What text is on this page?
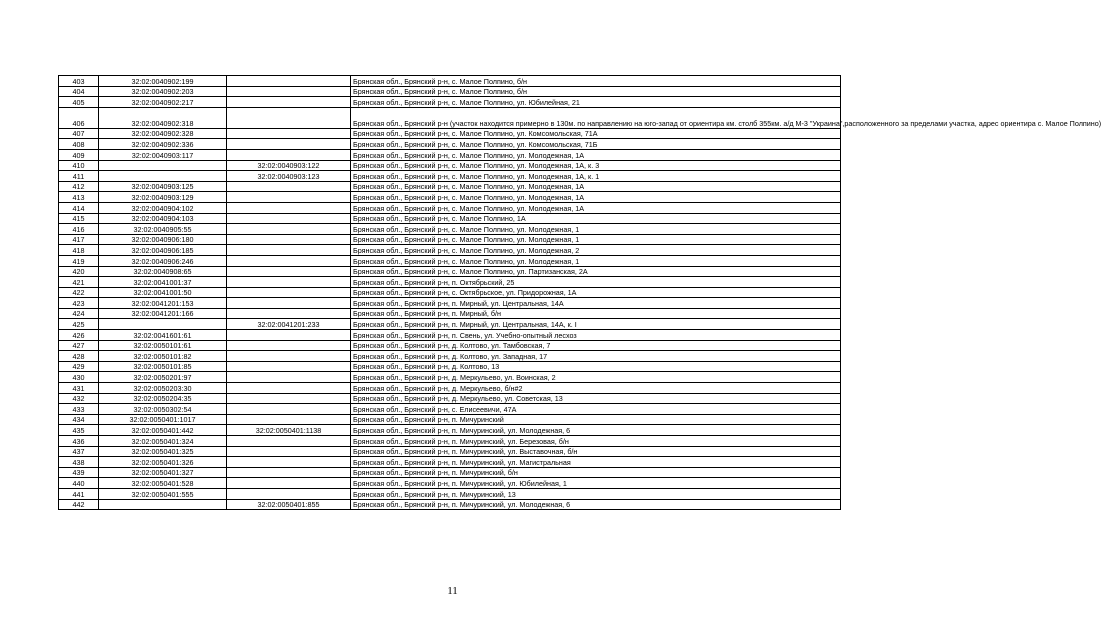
403	32:02:0040902:199		Брянская обл., Брянский р-н, с. Малое Полпино, б/н
404	32:02:0040902:203		Брянская обл., Брянский р-н, с. Малое Полпино, б/н
405	32:02:0040902:217		Брянская обл., Брянский р-н, с. Малое Полпино, ул. Юбилейная, 21
406	32:02:0040902:318		Брянская обл., Брянский р-н (участок находится примерно в 130м. по направлению на юго-запад от ориентира км. столб 355км. а/д М-3 "Украина",расположенного за пределами участка, адрес ориентира с. Малое Полпино)
407	32:02:0040902:328		Брянская обл., Брянский р-н, с. Малое Полпино, ул. Комсомольская, 71А
408	32:02:0040902:336		Брянская обл., Брянский р-н, с. Малое Полпино, ул. Комсомольская, 71Б
409	32:02:0040903:117		Брянская обл., Брянский р-н, с. Малое Полпино, ул. Молодежная, 1А
410		32:02:0040903:122	Брянская обл., Брянский р-н, с. Малое Полпино, ул. Молодежная, 1А, к. 3
411		32:02:0040903:123	Брянская обл., Брянский р-н, с. Малое Полпино, ул. Молодежная, 1А, к. 1
412	32:02:0040903:125		Брянская обл., Брянский р-н, с. Малое Полпино, ул. Молодежная, 1А
413	32:02:0040903:129		Брянская обл., Брянский р-н, с. Малое Полпино, ул. Молодежная, 1А
414	32:02:0040904:102		Брянская обл., Брянский р-н, с. Малое Полпино, ул. Молодежная, 1А
415	32:02:0040904:103		Брянская обл., Брянский р-н, с. Малое Полпино, 1А
416	32:02:0040905:55		Брянская обл., Брянский р-н, с. Малое Полпино, ул. Молодежная, 1
417	32:02:0040906:180		Брянская обл., Брянский р-н, с. Малое Полпино, ул. Молодежная, 1
418	32:02:0040906:185		Брянская обл., Брянский р-н, с. Малое Полпино, ул. Молодежная, 2
419	32:02:0040906:246		Брянская обл., Брянский р-н, с. Малое Полпино, ул. Молодежная, 1
420	32:02:0040908:65		Брянская обл., Брянский р-н, с. Малое Полпино, ул. Партизанская, 2А
421	32:02:0041001:37		Брянская обл., Брянский р-н, п. Октябрьский, 25
422	32:02:0041001:50		Брянская обл., Брянский р-н, с. Октябрьское, ул. Придорожная, 1А
423	32:02:0041201:153		Брянская обл., Брянский р-н, п. Мирный, ул. Центральная, 14А
424	32:02:0041201:166		Брянская обл., Брянский р-н, п. Мирный, б/н
425		32:02:0041201:233	Брянская обл., Брянский р-н, п. Мирный, ул. Центральная, 14А, к. I
426	32:02:0041601:61		Брянская обл., Брянский р-н, п. Свень, ул. Учебно-опытный лесхоз
427	32:02:0050101:61		Брянская обл., Брянский р-н, д. Колтово, ул. Тамбовская, 7
428	32:02:0050101:82		Брянская обл., Брянский р-н, д. Колтово, ул. Западная, 17
429	32:02:0050101:85		Брянская обл., Брянский р-н, д. Колтово, 13
430	32:02:0050201:97		Брянская обл., Брянский р-н, д. Меркульево, ул. Воинская, 2
431	32:02:0050203:30		Брянская обл., Брянский р-н, д. Меркульево, б/н#2
432	32:02:0050204:35		Брянская обл., Брянский р-н, д. Меркульево, ул. Советская, 13
433	32:02:0050302:54		Брянская обл., Брянский р-н, с. Елисеевичи, 47А
434	32:02:0050401:1017		Брянская обл., Брянский р-н, п. Мичуринский
435	32:02:0050401:442	32:02:0050401:1138	Брянская обл., Брянский р-н, п. Мичуринский, ул. Молодежная, 6
436	32:02:0050401:324		Брянская обл., Брянский р-н, п. Мичуринский, ул. Березовая, б/н
437	32:02:0050401:325		Брянская обл., Брянский р-н, п. Мичуринский, ул. Выставочная, б/н
438	32:02:0050401:326		Брянская обл., Брянский р-н, п. Мичуринский, ул. Магистральная
439	32:02:0050401:327		Брянская обл., Брянский р-н, п. Мичуринский, б/н
440	32:02:0050401:528		Брянская обл., Брянский р-н, п. Мичуринский, ул. Юбилейная, 1
441	32:02:0050401:555		Брянская обл., Брянский р-н, п. Мичуринский, 13
442		32:02:0050401:855	Брянская обл., Брянский р-н, п. Мичуринский, ул. Молодежная, 6
11
